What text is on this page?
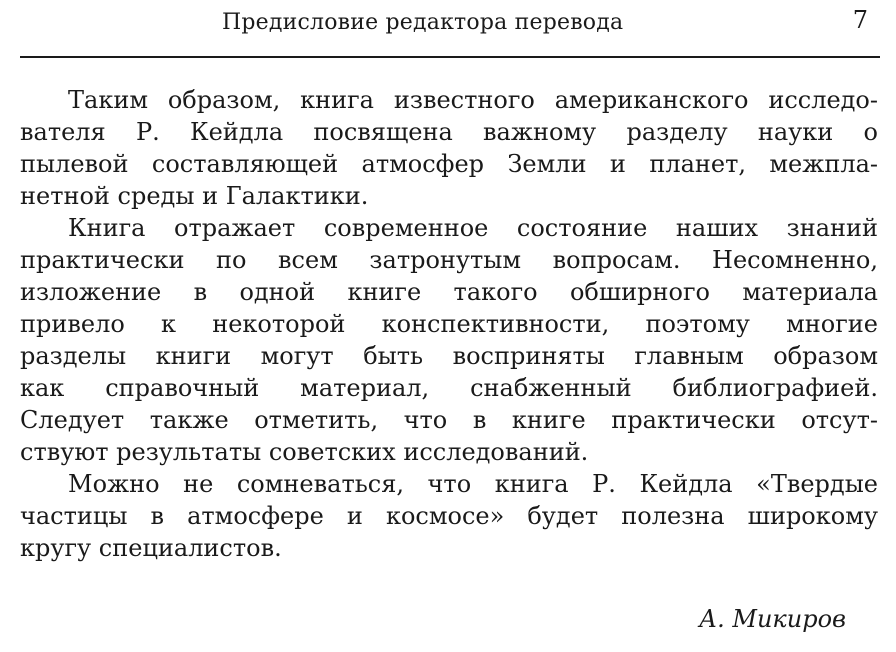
Предисловие редактора перевода	7
Таким образом, книга известного американского исследо-
вателя Р. Кейдла посвящена важному разделу науки о
пылевой составляющей атмосфер Земли и планет, межпла-
нетной среды и Галактики.
Книга отражает современное состояние наших знаний
практически по всем затронутым вопросам. Несомненно,
изложение в одной книге такого обширного материала
привело к некоторой конспективности, поэтому многие
разделы книги могут быть восприняты главным образом
как справочный материал, снабженный библиографией.
Следует также отметить, что в книге практически отсут-
ствуют результаты советских исследований.
Можно не сомневаться, что книга Р. Кейдла «Твердые
частицы в атмосфере и космосе» будет полезна широкому
кругу специалистов.
А. Микиров
